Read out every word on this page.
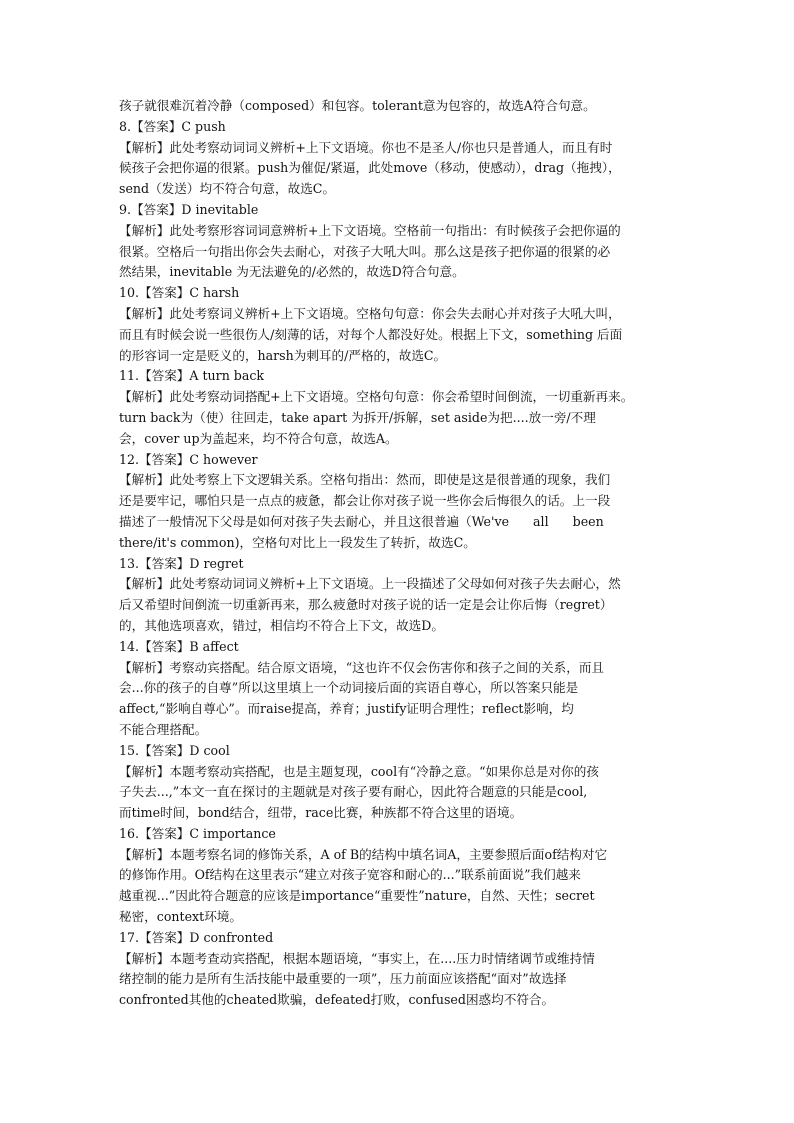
孩子就很难沉着冷静（composed）和包容。tolerant意为包容的，故选A符合句意。
8.【答案】C push
【解析】此处考察动词词义辨析+上下文语境。你也不是圣人/你也只是普通人，而且有时
候孩子会把你逼的很紧。push为催促/紧逼，此处move（移动，使感动），drag（拖拽），
send（发送）均不符合句意，故选C。
9.【答案】D inevitable
【解析】此处考察形容词词意辨析+上下文语境。空格前一句指出：有时候孩子会把你逼的
很紧。空格后一句指出你会失去耐心，对孩子大吼大叫。那么这是孩子把你逼的很紧的必
然结果，inevitable 为无法避免的/必然的，故选D符合句意。
10.【答案】C harsh
【解析】此处考察词义辨析+上下文语境。空格句句意：你会失去耐心并对孩子大吼大叫，
而且有时候会说一些很伤人/刻薄的话，对每个人都没好处。根据上下文，something 后面
的形容词一定是贬义的，harsh为刺耳的/严格的，故选C。
11.【答案】A turn back
【解析】此处考察动词搭配+上下文语境。空格句句意：你会希望时间倒流，一切重新再来。
turn back为（使）往回走，take apart 为拆开/拆解，set aside为把....放一旁/不理
会，cover up为盖起来，均不符合句意，故选A。
12.【答案】C however
【解析】此处考察上下文逻辑关系。空格句指出：然而，即使是这是很普通的现象，我们
还是要牢记，哪怕只是一点点的疲惫，都会让你对孩子说一些你会后悔很久的话。上一段
描述了一般情况下父母是如何对孩子失去耐心，并且这很普遍（We've      all      been
there/it's common)，空格句对比上一段发生了转折，故选C。
13.【答案】D regret
【解析】此处考察动词词义辨析+上下文语境。上一段描述了父母如何对孩子失去耐心，然
后又希望时间倒流一切重新再来，那么疲惫时对孩子说的话一定是会让你后悔（regret）
的，其他选项喜欢，错过，相信均不符合上下文，故选D。
14.【答案】B affect
【解析】考察动宾搭配。结合原文语境，“这也许不仅会伤害你和孩子之间的关系，而且
会...你的孩子的自尊”所以这里填上一个动词接后面的宾语自尊心，所以答案只能是
affect,“影响自尊心”。而raise提高，养育；justify证明合理性；reflect影响，均
不能合理搭配。
15.【答案】D cool
【解析】本题考察动宾搭配，也是主题复现，cool有“冷静之意。“如果你总是对你的孩
子失去...,”本文一直在探讨的主题就是对孩子要有耐心，因此符合题意的只能是cool,
而time时间，bond结合，纽带，race比赛，种族都不符合这里的语境。
16.【答案】C importance
【解析】本题考察名词的修饰关系，A of B的结构中填名词A，主要参照后面of结构对它
的修饰作用。Of结构在这里表示“建立对孩子宽容和耐心的...”联系前面说”我们越来
越重视...”因此符合题意的应该是importance“重要性”nature，自然、天性；secret
秘密，context环境。
17.【答案】D confronted
【解析】本题考查动宾搭配，根据本题语境，“事实上，在....压力时情绪调节或维持情
绪控制的能力是所有生活技能中最重要的一项”，压力前面应该搭配“面对”故选择
confronted其他的cheated欺骗，defeated打败，confused困惑均不符合。
